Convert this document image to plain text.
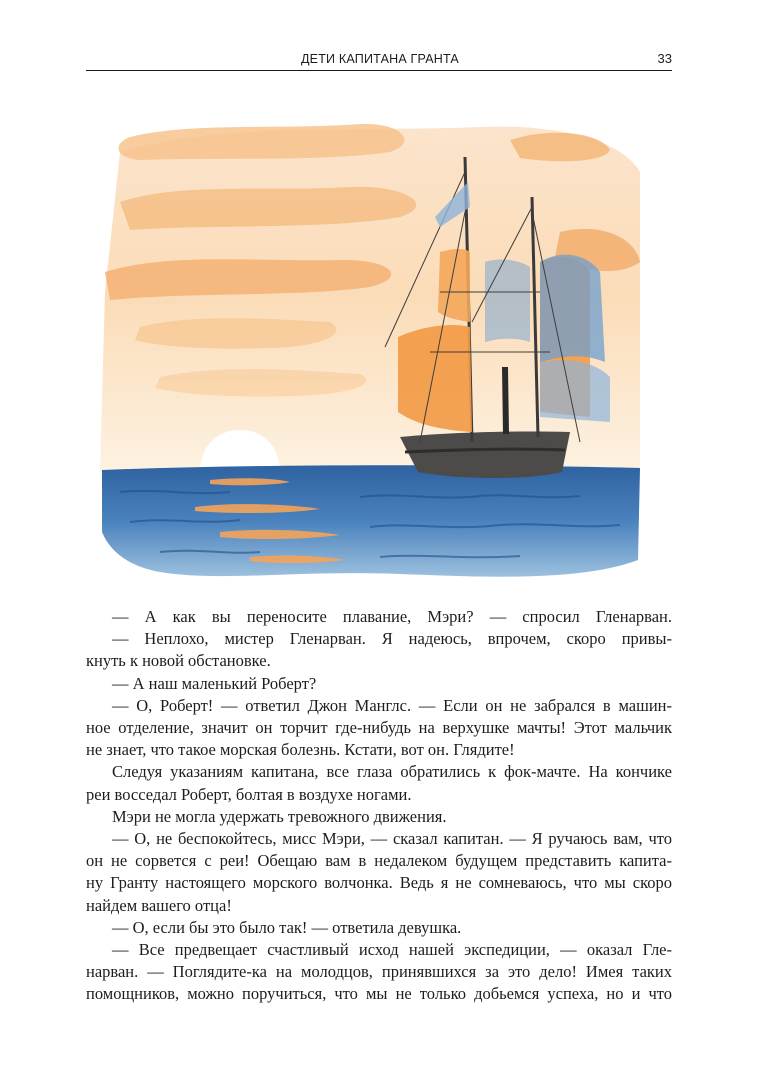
ДЕТИ КАПИТАНА ГРАНТА	33
— А как вы переносите плавание, Мэри? — спросил Гленарван.
— Неплохо, мистер Гленарван. Я надеюсь, впрочем, скоро привы-
кнуть к новой обстановке.
— А наш маленький Роберт?
— О, Роберт! — ответил Джон Манглс. — Если он не забрался в машин-
ное отделение, значит он торчит где-нибудь на верхушке мачты! Этот мальчик
не знает, что такое морская болезнь. Кстати, вот он. Глядите!
Следуя указаниям капитана, все глаза обратились к фок-мачте. На кончике
реи восседал Роберт, болтая в воздухе ногами.
Мэри не могла удержать тревожного движения.
— О, не беспокойтесь, мисс Мэри, — сказал капитан. — Я ручаюсь вам, что
он не сорвется с реи! Обещаю вам в недалеком будущем представить капита-
ну Гранту настоящего морского волчонка. Ведь я не сомневаюсь, что мы скоро
найдем вашего отца!
— О, если бы это было так! — ответила девушка.
— Все предвещает счастливый исход нашей экспедиции, — оказал Гле-
нарван. — Поглядите-ка на молодцов, принявшихся за это дело! Имея таких
помощников, можно поручиться, что мы не только добьемся успеха, но и что
